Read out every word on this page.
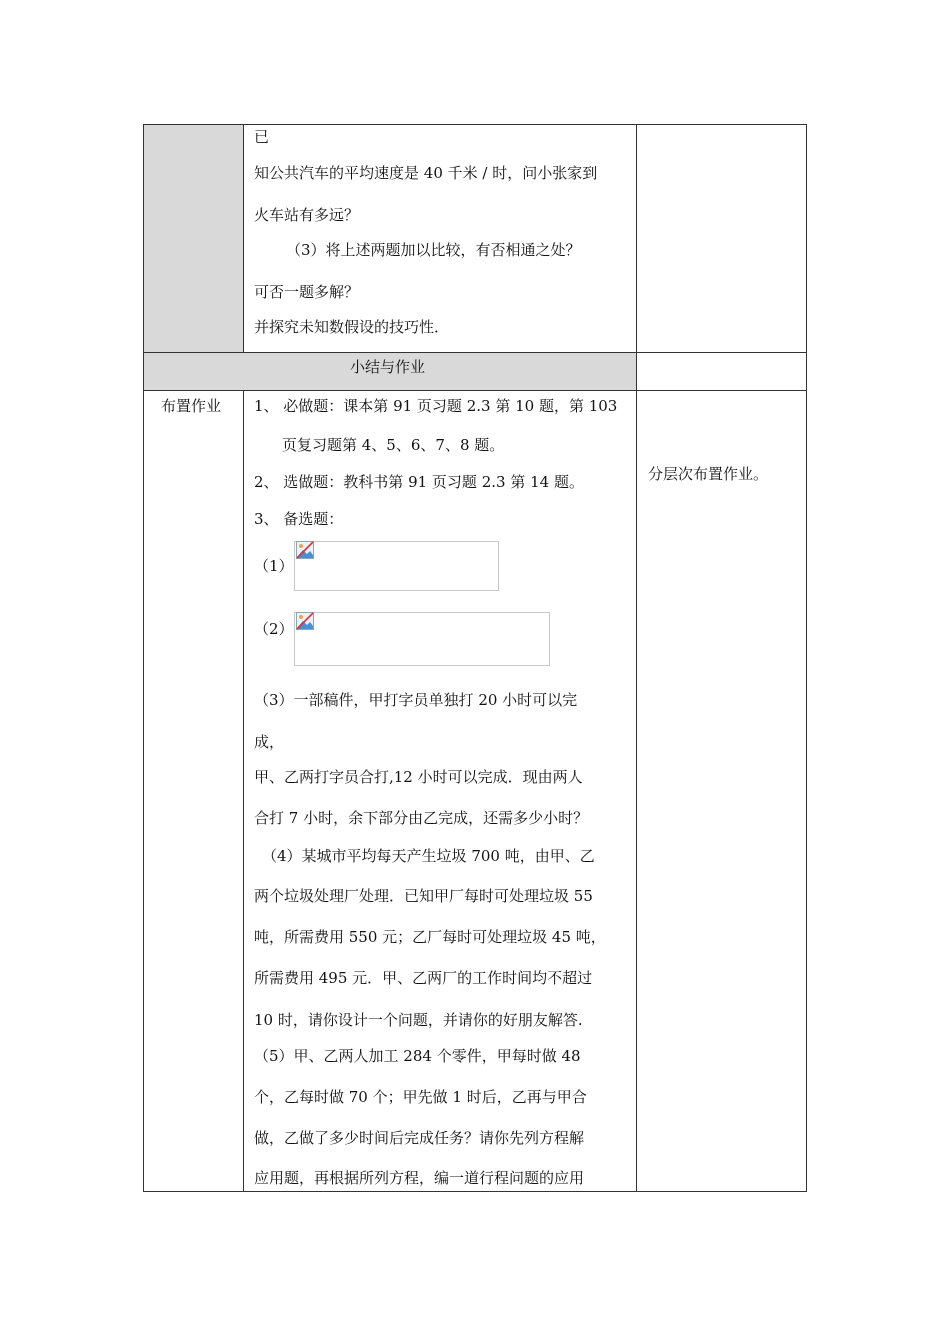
已
知公共汽车的平均速度是 40 千米 / 时，问小张家到
火车站有多远？
（3）将上述两题加以比较，有否相通之处？
可否一题多解？
并探究未知数假设的技巧性．
小结与作业
布置作业 1、 必做题：课本第 91 页习题 2.3 第 10 题，第 103
页复习题第 4、5、6、7、8 题。
2、 选做题：教科书第 91 页习题 2.3 第 14 题。
3、 备选题：
（1）
（2）
（3）一部稿件，甲打字员单独打 20 小时可以完
成，
甲、乙两打字员合打,12 小时可以完成．现由两人
合打 7 小时，余下部分由乙完成，还需多少小时？
（4）某城市平均每天产生垃圾 700 吨，由甲、乙
两个垃圾处理厂处理．已知甲厂每时可处理垃圾 55
吨，所需费用 550 元；乙厂每时可处理垃圾 45 吨，
所需费用 495 元．甲、乙两厂的工作时间均不超过
10 时，请你设计一个问题，并请你的好朋友解答.
（5）甲、乙两人加工 284 个零件，甲每时做 48
个，乙每时做 70 个；甲先做 1 时后，乙再与甲合
做，乙做了多少时间后完成任务？请你先列方程解
应用题，再根据所列方程，编一道行程问题的应用
分层次布置作业。
